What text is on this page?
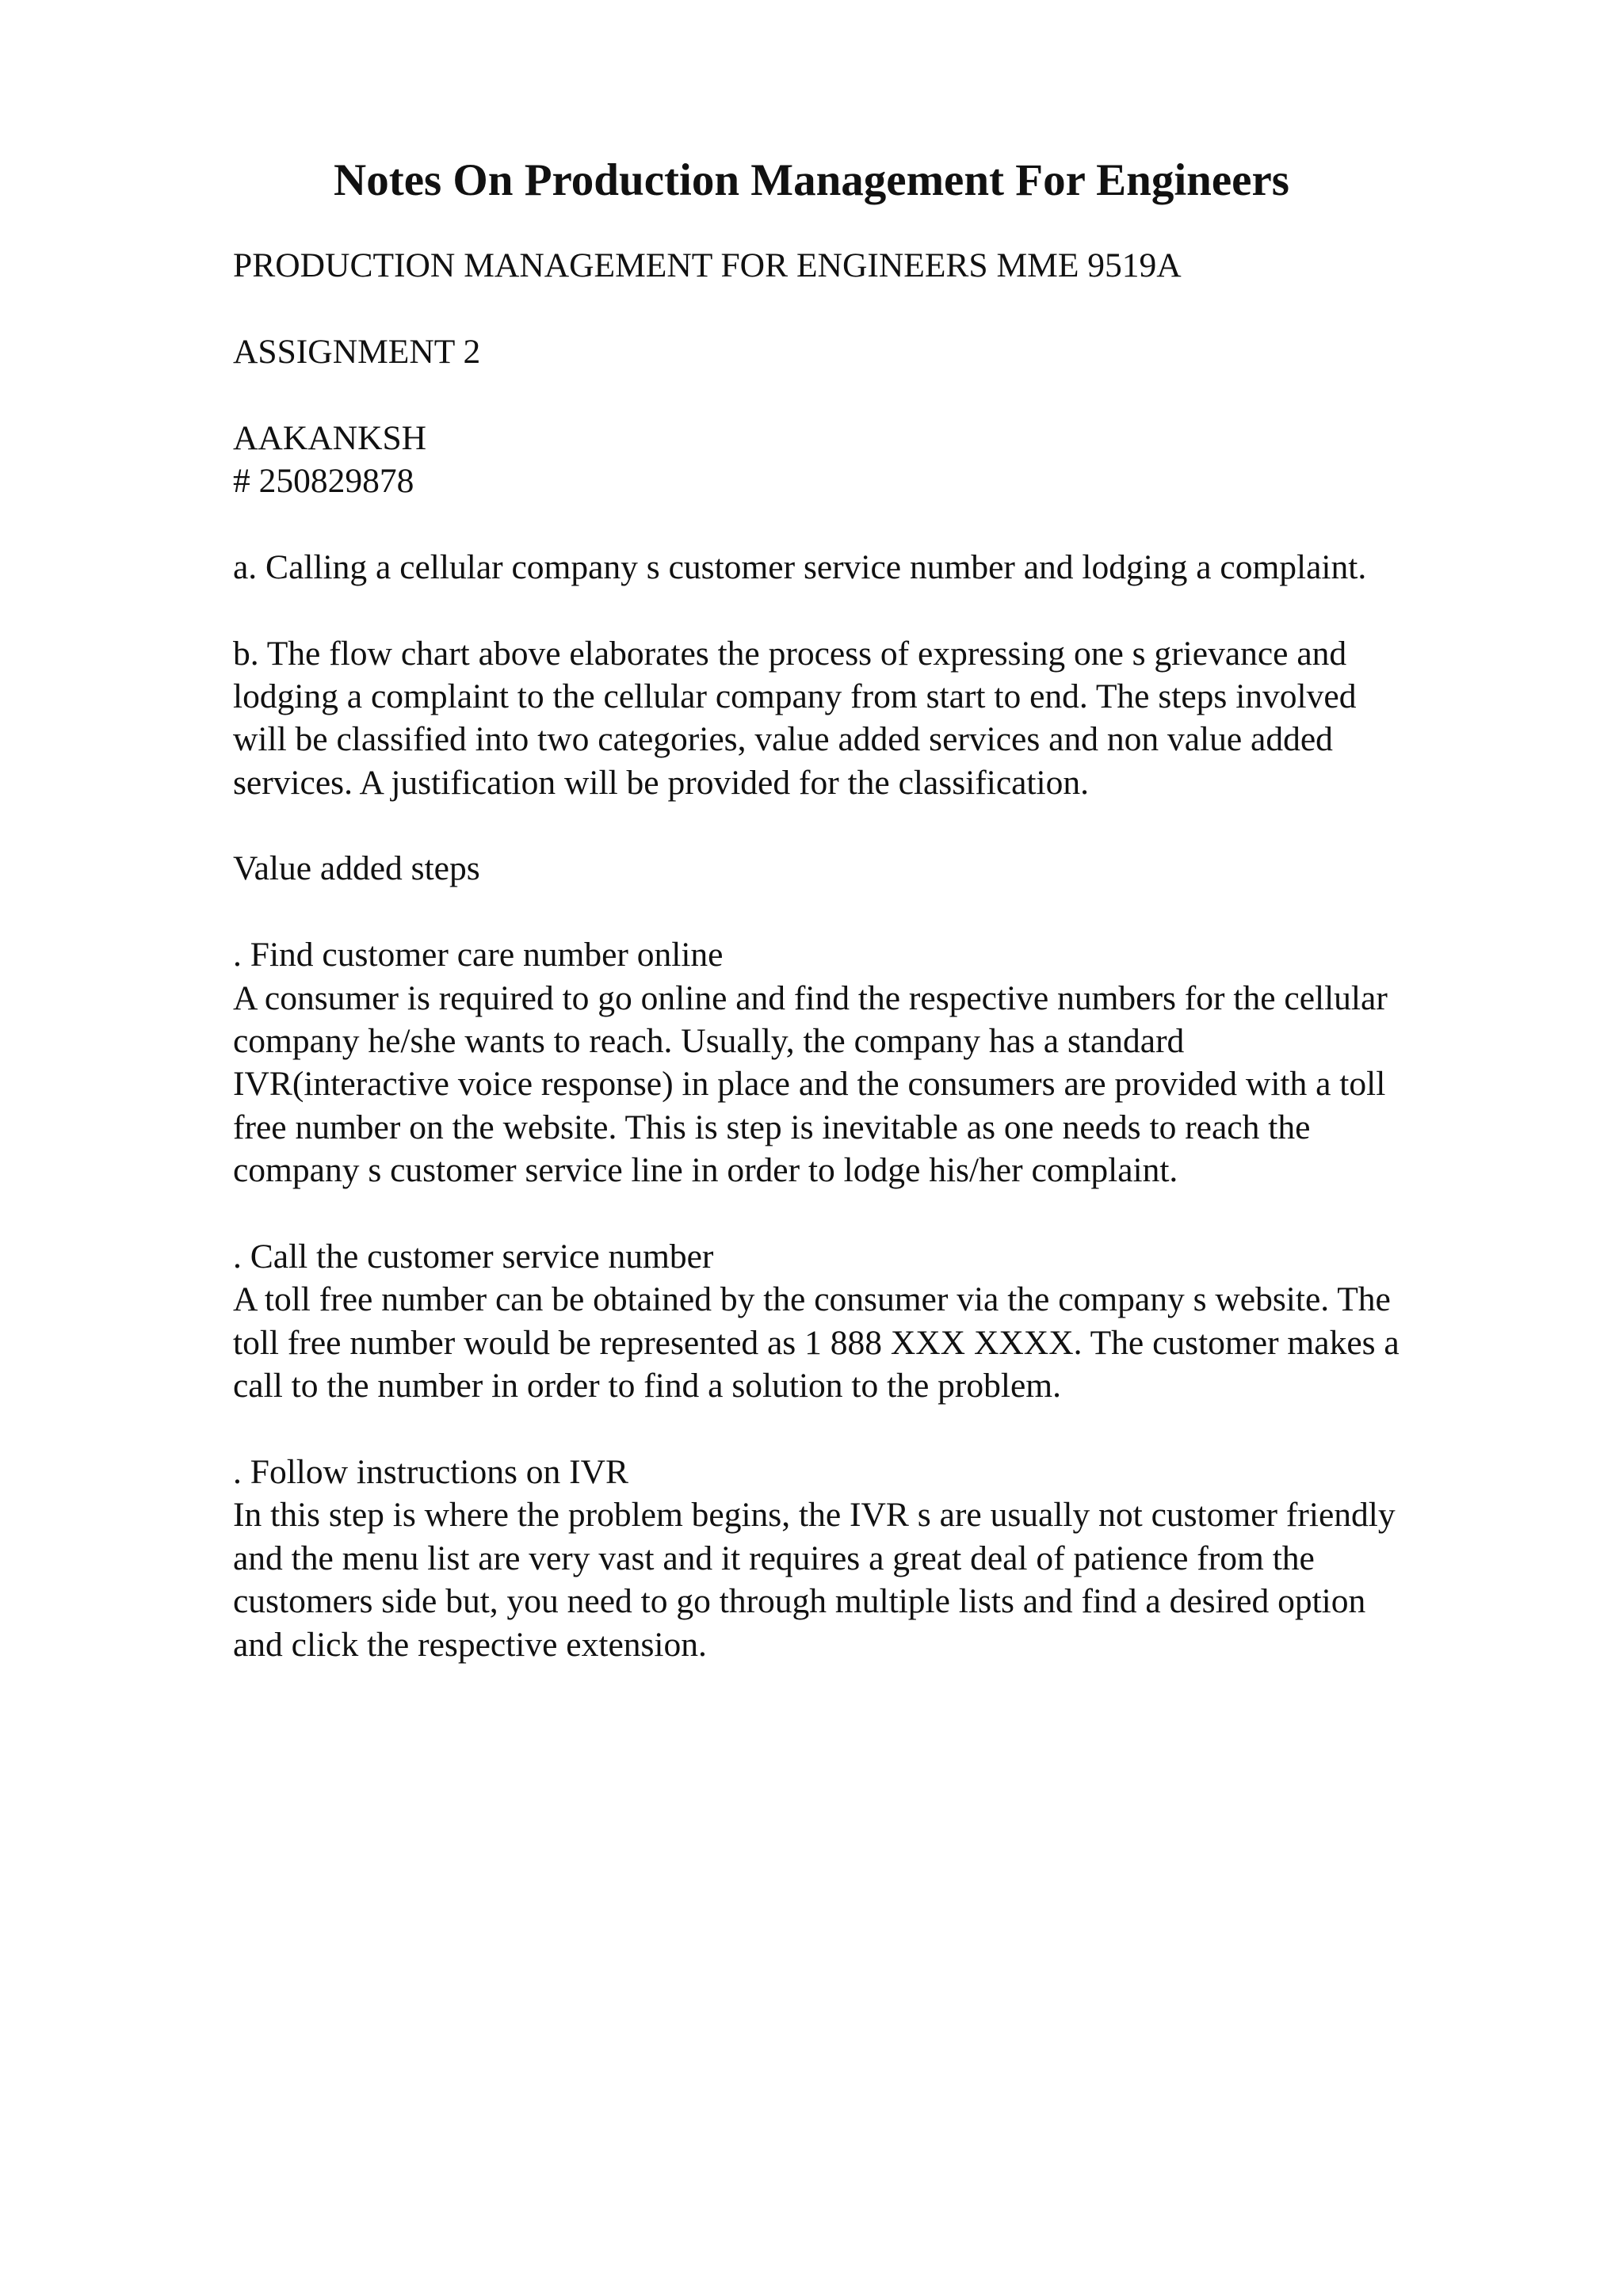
Notes On Production Management For Engineers
PRODUCTION MANAGEMENT FOR ENGINEERS MME 9519A
ASSIGNMENT 2
AAKANKSH
# 250829878
a. Calling a cellular company s customer service number and lodging a complaint.
b. The flow chart above elaborates the process of expressing one s grievance and
lodging a complaint to the cellular company from start to end. The steps involved
will be classified into two categories, value added services and non value added
services. A justification will be provided for the classification.
Value added steps
. Find customer care number online
A consumer is required to go online and find the respective numbers for the cellular
company he/she wants to reach. Usually, the company has a standard
IVR(interactive voice response) in place and the consumers are provided with a toll
free number on the website. This is step is inevitable as one needs to reach the
company s customer service line in order to lodge his/her complaint.
. Call the customer service number
A toll free number can be obtained by the consumer via the company s website. The
toll free number would be represented as 1 888 XXX XXXX. The customer makes a
call to the number in order to find a solution to the problem.
. Follow instructions on IVR
In this step is where the problem begins, the IVR s are usually not customer friendly
and the menu list are very vast and it requires a great deal of patience from the
customers side but, you need to go through multiple lists and find a desired option
and click the respective extension.
